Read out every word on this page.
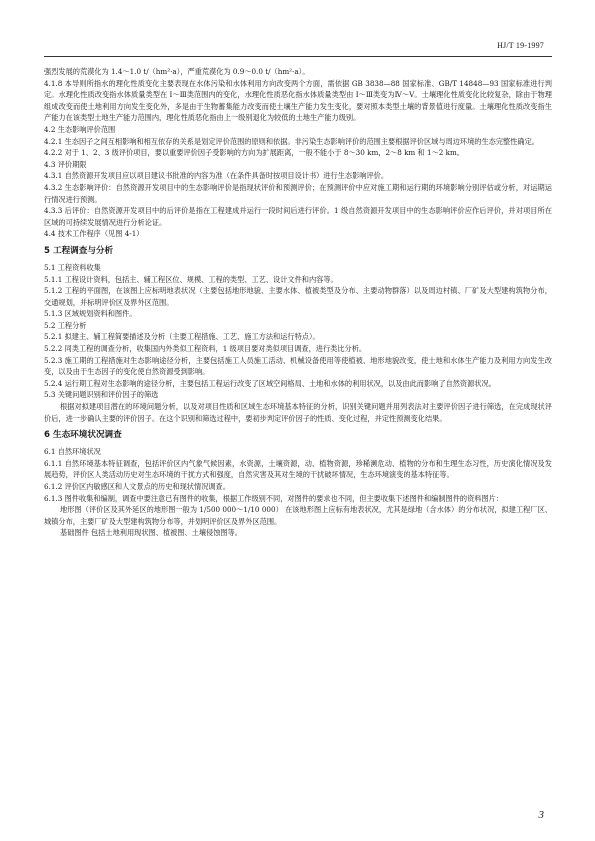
HJ/T 19-1997

强烈发展的荒漠化为 1.4～1.0 t/（hm²·a），严重荒漠化为 0.9～0.0 t/（hm²·a）。

4.1.8 本导则所指水的理化性质变化主要表现在水体污染和水体利用方向改变两个方面，需依据 GB 3838—88 国家标准、GB/T 14848—93 国家标准进行判定。水理化性质改变指水体质量类型在 Ⅰ～Ⅲ类范围内的变化，水理化性质恶化指水体质量类型由 Ⅰ～Ⅲ类变为Ⅳ～Ⅴ。土壤理化性质变化比较复杂，除由于物理组成改变而使土地利用方向发生变化外，多是由于生物蓄集能力改变而使土壤生产能力发生变化，要对照本类型土壤的背景值进行度量。土壤理化性质改变指生产能力在该类型土地生产能力范围内，理化性质恶化指由上一级别退化为较低的土地生产能力级别。

4.2 生态影响评价范围

4.2.1 生态因子之间互相影响和相互依存的关系是划定评价范围的原则和依据。非污染生态影响评价的范围主要根据评价区域与周边环境的生态完整性确定。

4.2.2 对于 1、2、3 级评价项目，要以重要评价因子受影响的方向为扩展距离，一般不能小于 8～30 km，2～8 km 和 1～2 km。

4.3 评价期限

4.3.1 自然资源开发项目应以项目建议书批准的内容为准（在条件具备时按项目设计书）进行生态影响评价。

4.3.2 生态影响评价：自然资源开发项目中的生态影响评价是指现状评价和预测评价；在预测评价中应对施工期和运行期的环境影响分别评估或分析，对运期运行情况进行预测。

4.3.3 后评价：自然资源开发项目中的后评价是指在工程建成并运行一段时间后进行评价。1 级自然资源开发项目中的生态影响评价应作后评价，并对项目所在区域的可持续发展情况进行分析论证。

4.4 技术工作程序（见图 4-1）

5 工程调查与分析

5.1 工程资料收集

5.1.1 工程设计资料，包括主、辅工程区位、规模、工程的类型、工艺、设计文件和内容等。

5.1.2 工程的平面图，在该图上应标明地表状况（主要包括地形地貌、主要水体、植被类型及分布、主要动物群落）以及周边村镇、厂矿及大型建构筑物分布，交通规划，并标明评价区及界外区范围。

5.1.3 区域规划资料和图件。

5.2 工程分析

5.2.1 拟建主、辅工程简要描述及分析（主要工程措施、工艺、施工方法和运行特点）。

5.2.2 同类工程的调查分析，收集国内外类似工程资料，1 级项目要对类似项目调查，进行类比分析。

5.2.3 施工期的工程措施对生态影响途径分析，主要包括施工人员施工活动、机械设备使用等使植被、地形地貌改变，使土地和水体生产能力及利用方向发生改变，以及由于生态因子的变化使自然资源受到影响。

5.2.4 运行期工程对生态影响的途径分析，主要包括工程运行改变了区域空间格局、土地和水体的利用状况，以及由此而影响了自然资源状况。

5.3 关键问题识别和评价因子的筛选

根据对拟建项目潜在的环境问题分析，以及对项目性质和区域生态环境基本特征的分析，识别关键问题并用列表法对主要评价因子进行筛选，在完成现状评价后，进一步确认主要的评价因子。在这个识别和筛选过程中，要初步判定评价因子的性质、变化过程，并定性预测变化结果。

6 生态环境状况调查

6.1 自然环境状况

6.1.1 自然环境基本特征调查，包括评价区内气象气候因素，水资源，土壤资源，动、植物资源，珍稀濒危动、植物的分布和生理生态习性，历史演化情况及发展趋势，评价区人类活动历史对生态环境的干扰方式和强度，自然灾害及其对生境的干扰破坏情况，生态环境演变的基本特征等。

6.1.2 评价区内敏感区和人文景点的历史和现状情况调查。

6.1.3 图件收集和编制，调查中要注意已有图件的收集，根据工作级别不同，对图件的要求也不同，但主要收集下述图件和编制图件的资料图片：

地形图（评价区及其外延区的地形图一般为 1/500 000～1/10 000） 在该地形图上应标有地表状况，尤其是绿地（含水体）的分布状况，拟建工程厂区、城镇分布，主要厂矿及大型建构筑物分布等，并划明评价区及界外区范围。

基础图件 包括土地利用现状图、植被图、土壤侵蚀图等。

3
